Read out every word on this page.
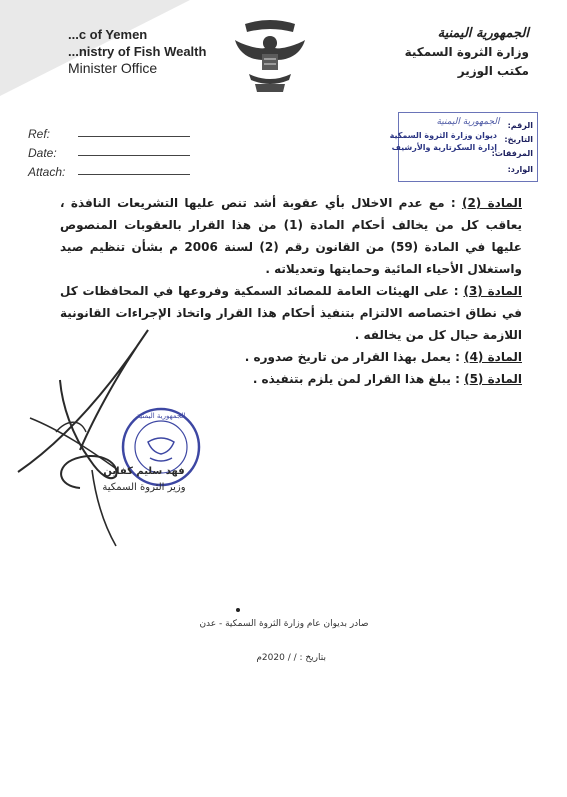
...c of Yemen
...nistry of Fish Wealth
Minister Office
الجمهورية اليمنية
وزارة الثروة السمكية
مكتب الوزير
Ref:
Date:
Attach:
الجمهورية اليمنية
ديوان وزارة الثروة السمكية
إدارة السكرتارية والأرشيف
الرقم:
التاريخ:
المرفقات:
الوارد:

المادة (2) : مع عدم الاخلال بأي عقوبة أشد تنص عليها التشريعات النافذة ، يعاقب كل من يخالف أحكام المادة (1) من هذا القرار بالعقوبات المنصوص عليها في المادة (59) من القانون رقم (2) لسنة 2006 م بشأن تنظيم صيد واستغلال الأحياء المائية وحمايتها وتعديلاته .

المادة (3) : على الهيئات العامة للمصائد السمكية وفروعها في المحافظات كل في نطاق اختصاصه الالتزام بتنفيذ أحكام هذا القرار واتخاذ الإجراءات القانونية اللازمة حيال كل من يخالفه .

المادة (4) : يعمل بهذا القرار من تاريخ صدوره .

المادة (5) : يبلغ هذا القرار لمن يلزم بتنفيذه .

الجمهورية اليمنية
فهد سليم كفاين
وزير الثروة السمكية
صادر بديوان عام وزارة الثروة السمكية - عدن
بتاريخ : / / 2020م
